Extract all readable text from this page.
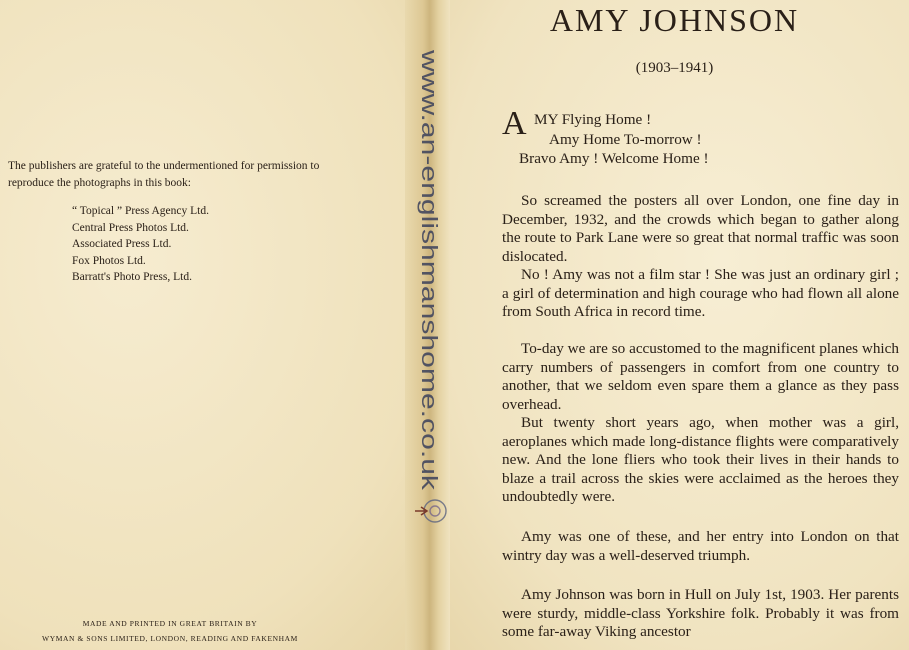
The publishers are grateful to the undermentioned for permission to reproduce the photographs in this book:
“ Topical ” Press Agency Ltd.
Central Press Photos Ltd.
Associated Press Ltd.
Fox Photos Ltd.
Barratt's Photo Press, Ltd.
MADE AND PRINTED IN GREAT BRITAIN BY
WYMAN & SONS LIMITED, LONDON, READING AND FAKENHAM
www.an-englishmanshome.co.uk
AMY JOHNSON
(1903–1941)
A MY Flying Home !
Amy Home To-morrow !
Bravo Amy ! Welcome Home !

So screamed the posters all over London, one fine day in December, 1932, and the crowds which began to gather along the route to Park Lane were so great that normal traffic was soon dislocated.

No ! Amy was not a film star ! She was just an ordinary girl ; a girl of determination and high courage who had flown all alone from South Africa in record time.

To-day we are so accustomed to the magnificent planes which carry numbers of passengers in comfort from one country to another, that we seldom even spare them a glance as they pass overhead.

But twenty short years ago, when mother was a girl, aeroplanes which made long-distance flights were comparatively new. And the lone fliers who took their lives in their hands to blaze a trail across the skies were acclaimed as the heroes they undoubtedly were.

Amy was one of these, and her entry into London on that wintry day was a well-deserved triumph.

Amy Johnson was born in Hull on July 1st, 1903. Her parents were sturdy, middle-class Yorkshire folk. Probably it was from some far-away Viking ancestor
